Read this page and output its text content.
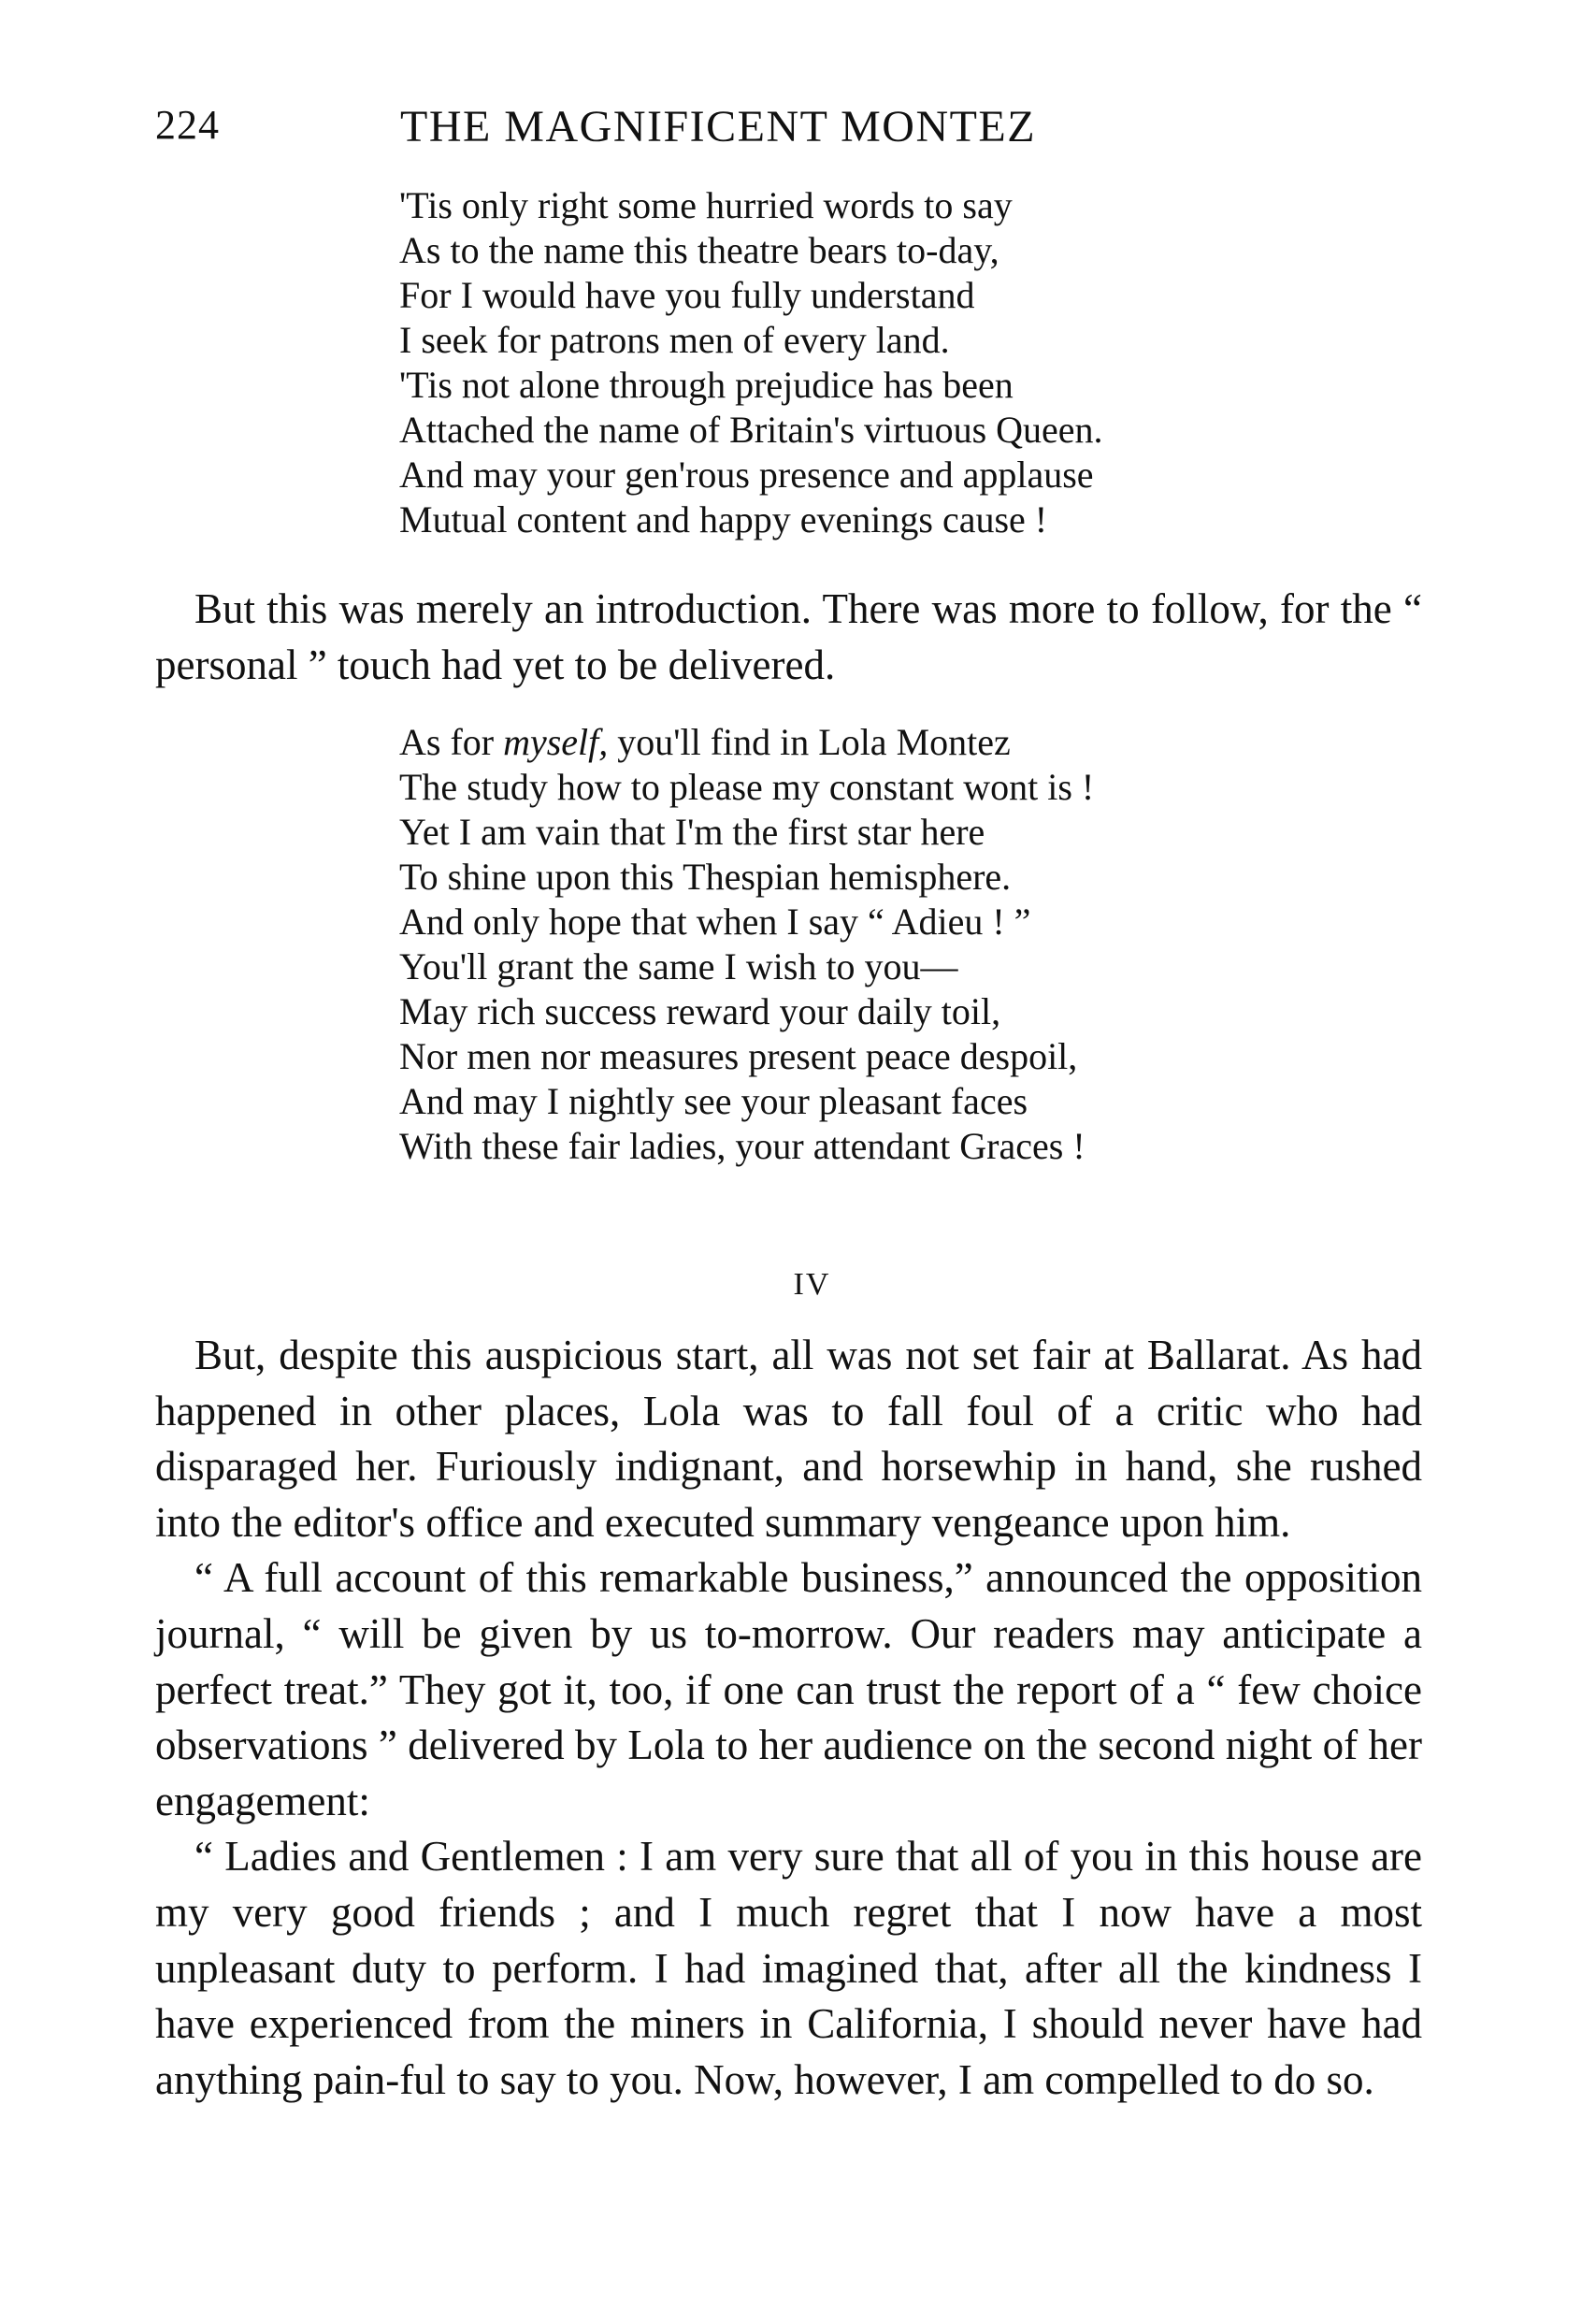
224	THE MAGNIFICENT MONTEZ
'Tis only right some hurried words to say
As to the name this theatre bears to-day,
For I would have you fully understand
I seek for patrons men of every land.
'Tis not alone through prejudice has been
Attached the name of Britain's virtuous Queen.
And may your gen'rous presence and applause
Mutual content and happy evenings cause !

But this was merely an introduction. There was more to follow, for the “ personal ” touch had yet to be delivered.

As for myself, you'll find in Lola Montez
The study how to please my constant wont is !
Yet I am vain that I'm the first star here
To shine upon this Thespian hemisphere.
And only hope that when I say “ Adieu ! ”
You'll grant the same I wish to you—
May rich success reward your daily toil,
Nor men nor measures present peace despoil,
And may I nightly see your pleasant faces
With these fair ladies, your attendant Graces !
IV

But, despite this auspicious start, all was not set fair at Ballarat. As had happened in other places, Lola was to fall foul of a critic who had disparaged her. Furiously indignant, and horsewhip in hand, she rushed into the editor's office and executed summary vengeance upon him.

“ A full account of this remarkable business,” announced the opposition journal, “ will be given by us to-morrow. Our readers may anticipate a perfect treat.” They got it, too, if one can trust the report of a “ few choice observations ” delivered by Lola to her audience on the second night of her engagement:

“ Ladies and Gentlemen : I am very sure that all of you in this house are my very good friends ; and I much regret that I now have a most unpleasant duty to perform. I had imagined that, after all the kindness I have experienced from the miners in California, I should never have had anything pain-ful to say to you. Now, however, I am compelled to do so.
